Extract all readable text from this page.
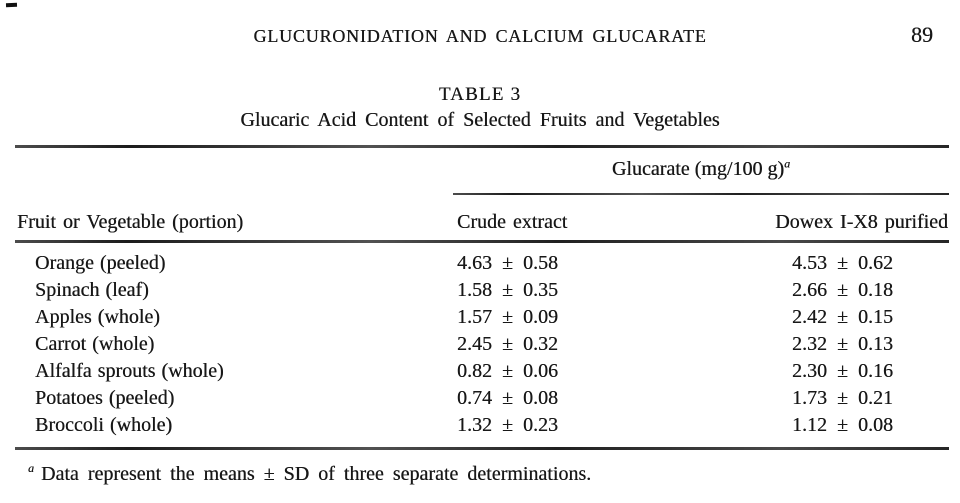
GLUCURONIDATION AND CALCIUM GLUCARATE	89
TABLE 3
Glucaric Acid Content of Selected Fruits and Vegetables
Glucarate (mg/100 g)$^a$
Fruit or Vegetable (portion)	Crude extract	Dowex I-X8 purified
Orange (peeled)	4.63 ± 0.58	4.53 ± 0.62
Spinach (leaf)	1.58 ± 0.35	2.66 ± 0.18
Apples (whole)	1.57 ± 0.09	2.42 ± 0.15
Carrot (whole)	2.45 ± 0.32	2.32 ± 0.13
Alfalfa sprouts (whole)	0.82 ± 0.06	2.30 ± 0.16
Potatoes (peeled)	0.74 ± 0.08	1.73 ± 0.21
Broccoli (whole)	1.32 ± 0.23	1.12 ± 0.08
$^a$ Data represent the means ± SD of three separate determinations.
